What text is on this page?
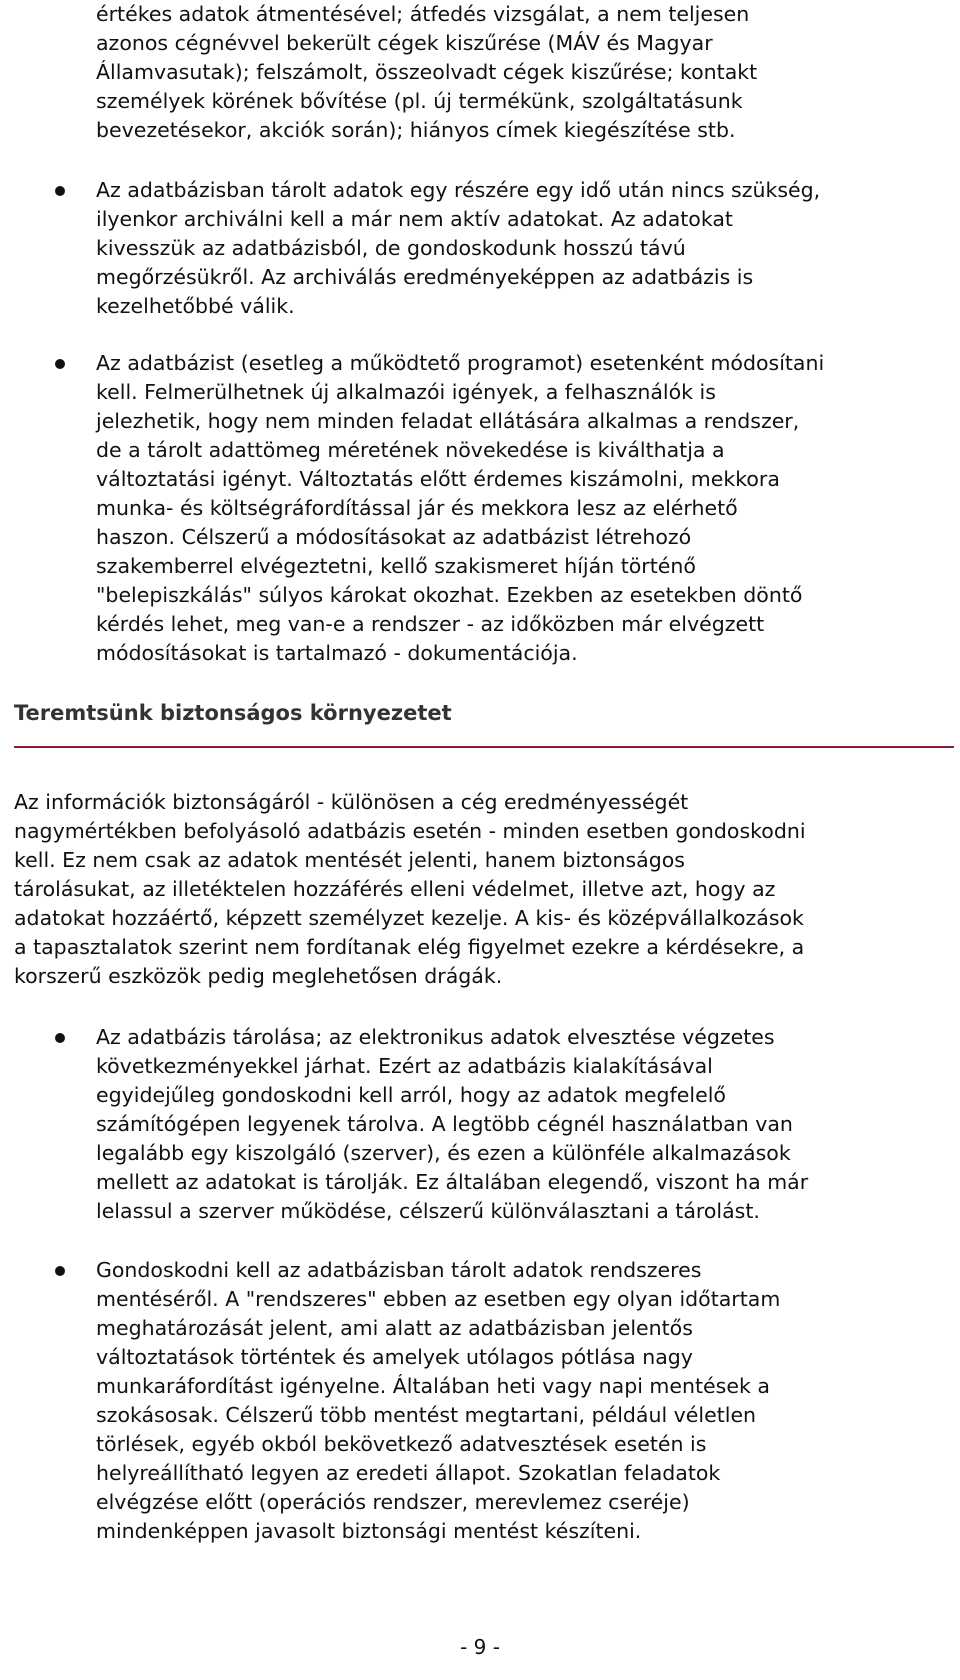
értékes adatok átmentésével; átfedés vizsgálat, a nem teljesen
azonos cégnévvel bekerült cégek kiszűrése (MÁV és Magyar
Államvasutak); felszámolt, összeolvadt cégek kiszűrése; kontakt
személyek körének bővítése (pl. új termékünk, szolgáltatásunk
bevezetésekor, akciók során); hiányos címek kiegészítése stb.
Az adatbázisban tárolt adatok egy részére egy idő után nincs szükség,
ilyenkor archiválni kell a már nem aktív adatokat. Az adatokat
kivesszük az adatbázisból, de gondoskodunk hosszú távú
megőrzésükről. Az archiválás eredményeképpen az adatbázis is
kezelhetőbbé válik.
Az adatbázist (esetleg a működtető programot) esetenként módosítani
kell. Felmerülhetnek új alkalmazói igények, a felhasználók is
jelezhetik, hogy nem minden feladat ellátására alkalmas a rendszer,
de a tárolt adattömeg méretének növekedése is kiválthatja a
változtatási igényt. Változtatás előtt érdemes kiszámolni, mekkora
munka- és költségráfordítással jár és mekkora lesz az elérhető
haszon. Célszerű a módosításokat az adatbázist létrehozó
szakemberrel elvégeztetni, kellő szakismeret híján történő
"belepiszkálás" súlyos károkat okozhat. Ezekben az esetekben döntő
kérdés lehet, meg van-e a rendszer - az időközben már elvégzett
módosításokat is tartalmazó - dokumentációja.
Teremtsünk biztonságos környezetet
Az információk biztonságáról - különösen a cég eredményességét
nagymértékben befolyásoló adatbázis esetén - minden esetben gondoskodni
kell. Ez nem csak az adatok mentését jelenti, hanem biztonságos
tárolásukat, az illetéktelen hozzáférés elleni védelmet, illetve azt, hogy az
adatokat hozzáértő, képzett személyzet kezelje. A kis- és középvállalkozások
a tapasztalatok szerint nem fordítanak elég figyelmet ezekre a kérdésekre, a
korszerű eszközök pedig meglehetősen drágák.
Az adatbázis tárolása; az elektronikus adatok elvesztése végzetes
következményekkel járhat. Ezért az adatbázis kialakításával
egyidejűleg gondoskodni kell arról, hogy az adatok megfelelő
számítógépen legyenek tárolva. A legtöbb cégnél használatban van
legalább egy kiszolgáló (szerver), és ezen a különféle alkalmazások
mellett az adatokat is tárolják. Ez általában elegendő, viszont ha már
lelassul a szerver működése, célszerű különválasztani a tárolást.
Gondoskodni kell az adatbázisban tárolt adatok rendszeres
mentéséről. A "rendszeres" ebben az esetben egy olyan időtartam
meghatározását jelent, ami alatt az adatbázisban jelentős
változtatások történtek és amelyek utólagos pótlása nagy
munkaráfordítást igényelne. Általában heti vagy napi mentések a
szokásosak. Célszerű több mentést megtartani, például véletlen
törlések, egyéb okból bekövetkező adatvesztések esetén is
helyreállítható legyen az eredeti állapot. Szokatlan feladatok
elvégzése előtt (operációs rendszer, merevlemez cseréje)
mindenképpen javasolt biztonsági mentést készíteni.

- 9 -
